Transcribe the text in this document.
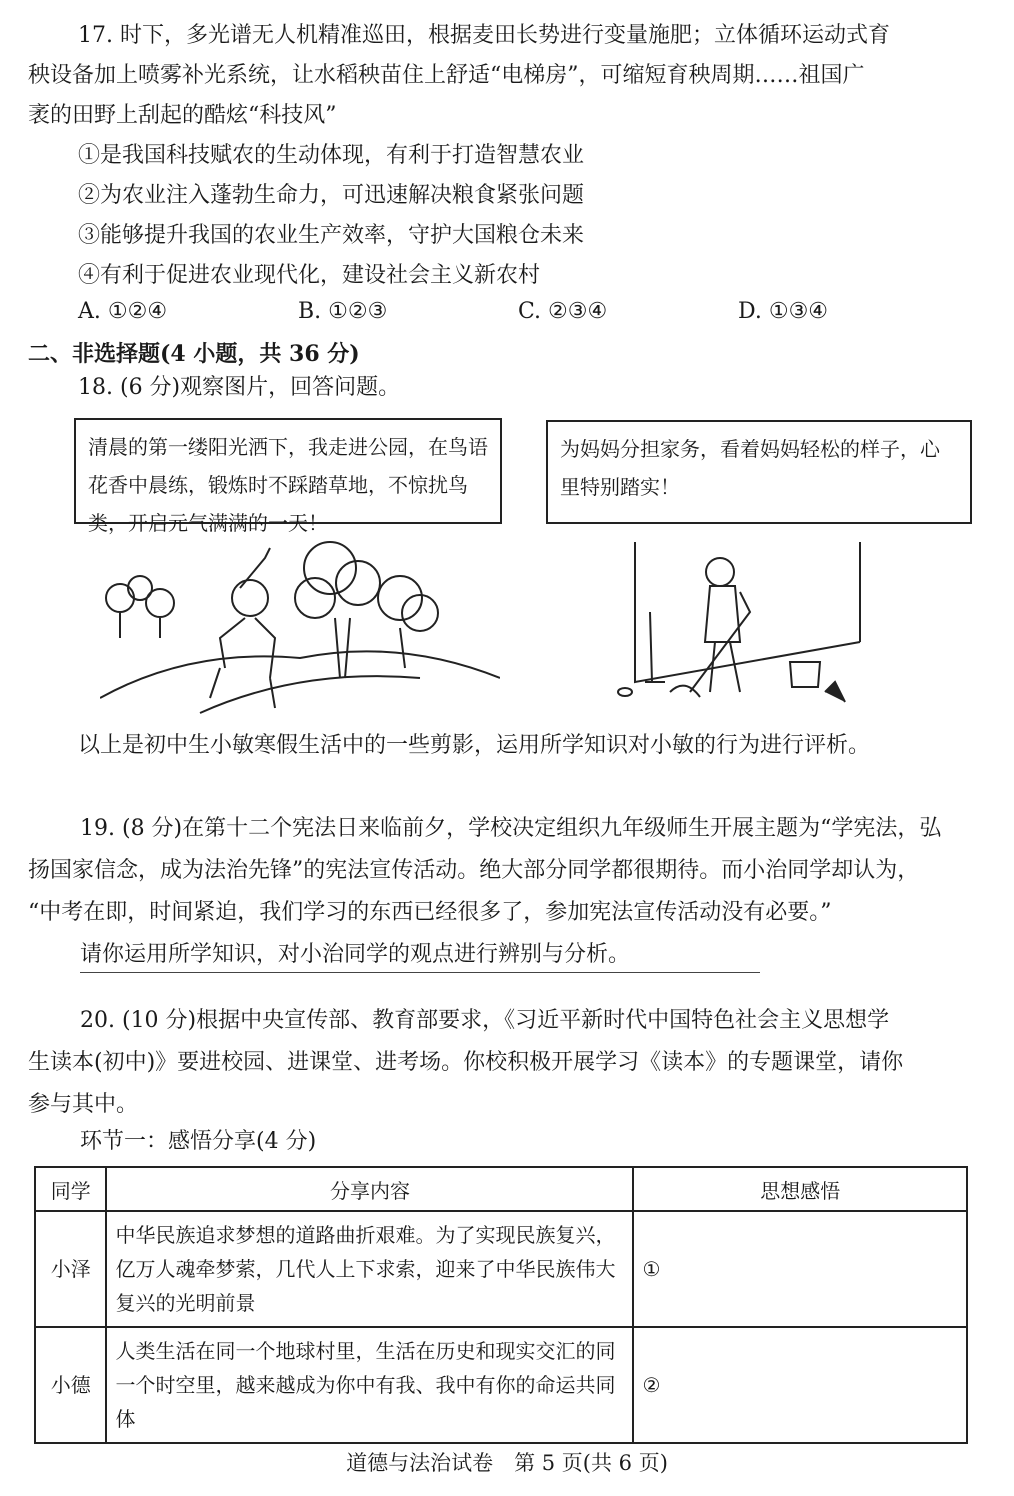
17. 时下，多光谱无人机精准巡田，根据麦田长势进行变量施肥；立体循环运动式育

秧设备加上喷雾补光系统，让水稻秧苗住上舒适“电梯房”，可缩短育秧周期……祖国广

袤的田野上刮起的酷炫“科技风”

①是我国科技赋农的生动体现，有利于打造智慧农业

②为农业注入蓬勃生命力，可迅速解决粮食紧张问题

③能够提升我国的农业生产效率，守护大国粮仓未来

④有利于促进农业现代化，建设社会主义新农村

A. ①②④	B. ①②③	C. ②③④	D. ①③④
二、非选择题(4 小题，共 36 分)
18. (6 分)观察图片，回答问题。
清晨的第一缕阳光洒下，我走进公园，在鸟语花香中晨练，锻炼时不踩踏草地，不惊扰鸟类，开启元气满满的一天！
为妈妈分担家务，看着妈妈轻松的样子，心里特别踏实！
以上是初中生小敏寒假生活中的一些剪影，运用所学知识对小敏的行为进行评析。

19. (8 分)在第十二个宪法日来临前夕，学校决定组织九年级师生开展主题为“学宪法，弘

扬国家信念，成为法治先锋”的宪法宣传活动。绝大部分同学都很期待。而小治同学却认为，

“中考在即，时间紧迫，我们学习的东西已经很多了，参加宪法宣传活动没有必要。”

请你运用所学知识，对小治同学的观点进行辨别与分析。

20. (10 分)根据中央宣传部、教育部要求，《习近平新时代中国特色社会主义思想学

生读本(初中)》要进校园、进课堂、进考场。你校积极开展学习《读本》的专题课堂，请你

参与其中。

环节一：感悟分享(4 分)
同学	分享内容	思想感悟
小泽	中华民族追求梦想的道路曲折艰难。为了实现民族复兴，亿万人魂牵梦萦，几代人上下求索，迎来了中华民族伟大复兴的光明前景	①
小德	人类生活在同一个地球村里，生活在历史和现实交汇的同一个时空里，越来越成为你中有我、我中有你的命运共同体	②
道德与法治试卷　第 5 页(共 6 页)
